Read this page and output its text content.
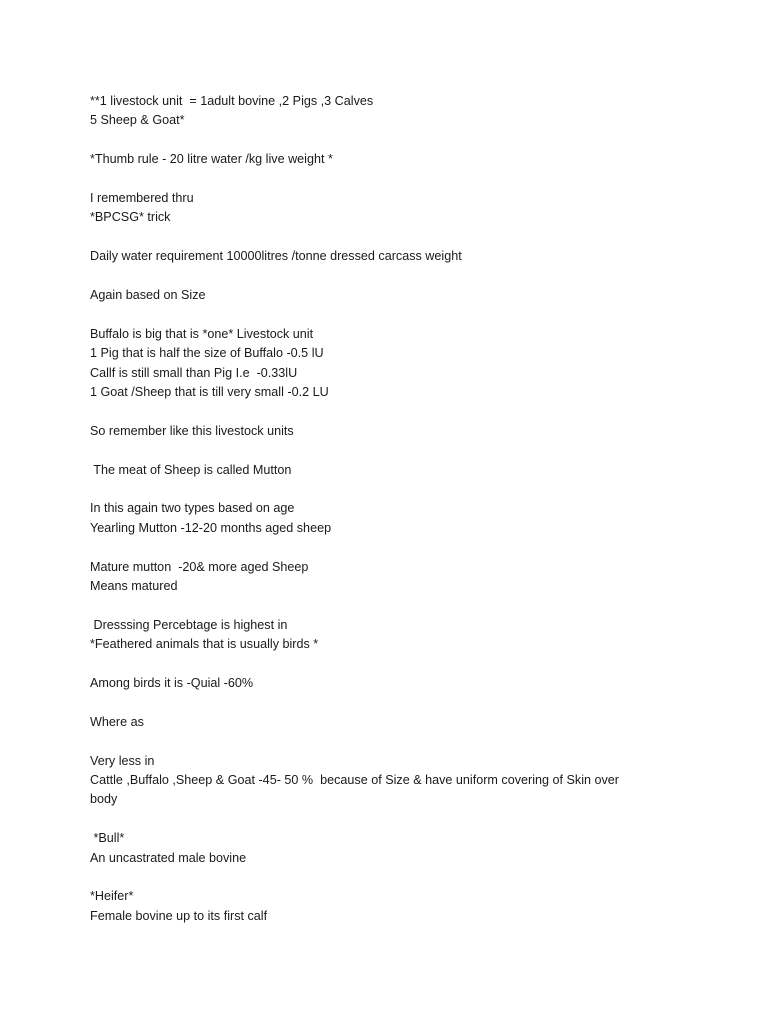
**1 livestock unit  = 1adult bovine ,2 Pigs ,3 Calves
5 Sheep & Goat*
*Thumb rule - 20 litre water /kg live weight *
I remembered thru
*BPCSG* trick
Daily water requirement 10000litres /tonne dressed carcass weight
Again based on Size
Buffalo is big that is *one* Livestock unit
1 Pig that is half the size of Buffalo -0.5 lU
Callf is still small than Pig I.e  -0.33lU
1 Goat /Sheep that is till very small -0.2 LU
So remember like this livestock units
The meat of Sheep is called Mutton
In this again two types based on age
Yearling Mutton -12-20 months aged sheep
Mature mutton  -20& more aged Sheep
Means matured
Dresssing Percebtage is highest in
*Feathered animals that is usually birds *
Among birds it is -Quial -60%
Where as
Very less in
Cattle ,Buffalo ,Sheep & Goat -45- 50 %  because of Size & have uniform covering of Skin over
body
*Bull*
An uncastrated male bovine
*Heifer*
Female bovine up to its first calf
